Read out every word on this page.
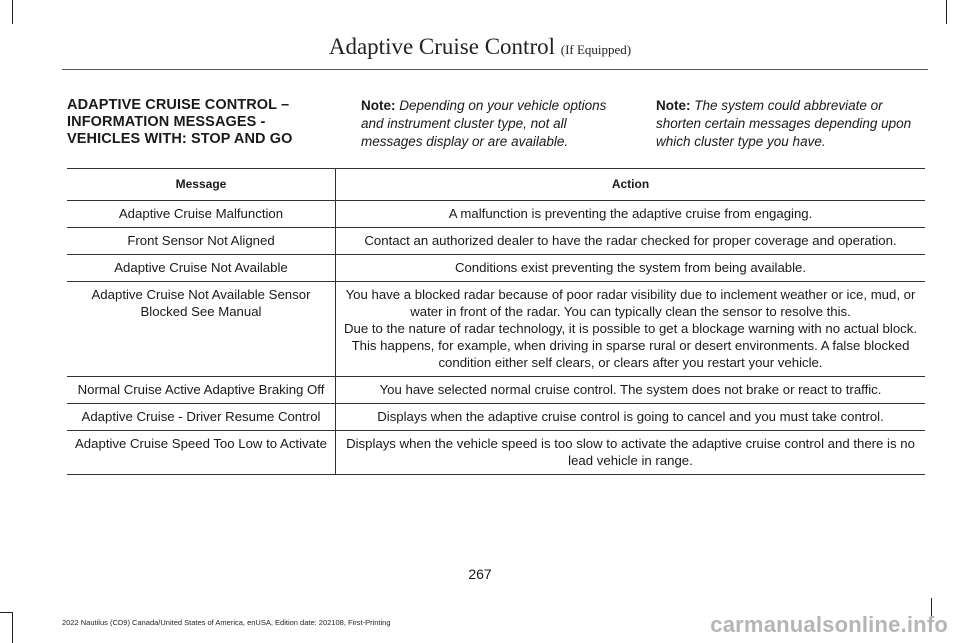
Adaptive Cruise Control (If Equipped)
ADAPTIVE CRUISE CONTROL – INFORMATION MESSAGES - VEHICLES WITH: STOP AND GO
Note: Depending on your vehicle options and instrument cluster type, not all messages display or are available.
Note: The system could abbreviate or shorten certain messages depending upon which cluster type you have.
Message	Action
Adaptive Cruise Malfunction	A malfunction is preventing the adaptive cruise from engaging.

Front Sensor Not Aligned	Contact an authorized dealer to have the radar checked for proper coverage and operation.

Adaptive Cruise Not Available	Conditions exist preventing the system from being available.

Adaptive Cruise Not Available Sensor Blocked See Manual	You have a blocked radar because of poor radar visibility due to inclement weather or ice, mud, or water in front of the radar. You can typically clean the sensor to resolve this.
Due to the nature of radar technology, it is possible to get a blockage warning with no actual block. This happens, for example, when driving in sparse rural or desert environments. A false blocked condition either self clears, or clears after you restart your vehicle.

Normal Cruise Active Adaptive Braking Off	You have selected normal cruise control. The system does not brake or react to traffic.

Adaptive Cruise - Driver Resume Control	Displays when the adaptive cruise control is going to cancel and you must take control.

Adaptive Cruise Speed Too Low to Activate	Displays when the vehicle speed is too slow to activate the adaptive cruise control and there is no lead vehicle in range.
267
2022 Nautilus (CD9) Canada/United States of America, enUSA, Edition date: 202108, First-Printing	carmanualsonline.info
